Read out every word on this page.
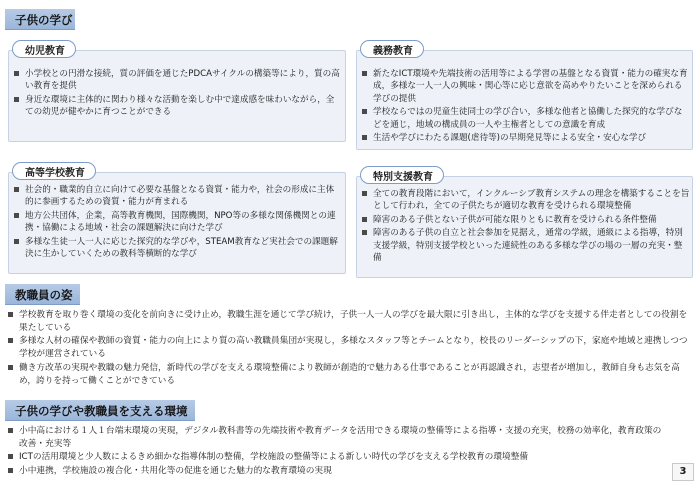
子供の学び
幼児教育
小学校との円滑な接続，質の評価を通じたPDCAサイクルの構築等により，質の高い教育を提供
身近な環境に主体的に関わり様々な活動を楽しむ中で達成感を味わいながら，全ての幼児が健やかに育つことができる
義務教育
新たなICT環境や先端技術の活用等による学習の基盤となる資質・能力の確実な育成，多様な一人一人の興味・関心等に応じ意欲を高めやりたいことを深められる学びの提供
学校ならではの児童生徒同士の学び合い，多様な他者と協働した探究的な学びなどを通じ，地域の構成員の一人や主権者としての意識を育成
生活や学びにわたる課題(虐待等)の早期発見等による安全・安心な学び
高等学校教育
社会的・職業的自立に向けて必要な基盤となる資質・能力や，社会の形成に主体的に参画するための資質・能力が育まれる
地方公共団体，企業，高等教育機関，国際機関，NPO等の多様な関係機関との連携・協働による地域・社会の課題解決に向けた学び
多様な生徒一人一人に応じた探究的な学びや，STEAM教育など実社会での課題解決に生かしていくための教科等横断的な学び
特別支援教育
全ての教育段階において，インクルーシブ教育システムの理念を構築することを旨として行われ，全ての子供たちが適切な教育を受けられる環境整備
障害のある子供とない子供が可能な限りともに教育を受けられる条件整備
障害のある子供の自立と社会参加を見据え，通常の学級，通級による指導，特別支援学級，特別支援学校といった連続性のある多様な学びの場の一層の充実・整備
教職員の姿
学校教育を取り巻く環境の変化を前向きに受け止め，教職生涯を通じて学び続け，子供一人一人の学びを最大限に引き出し，主体的な学びを支援する伴走者としての役割を果たしている
多様な人材の確保や教師の資質・能力の向上により質の高い教職員集団が実現し，多様なスタッフ等とチームとなり，校長のリーダーシップの下，家庭や地域と連携しつつ学校が運営されている
働き方改革の実現や教職の魅力発信，新時代の学びを支える環境整備により教師が創造的で魅力ある仕事であることが再認識され，志望者が増加し，教師自身も志気を高め，誇りを持って働くことができている
子供の学びや教職員を支える環境
小中高における１人１台端末環境の実現，デジタル教科書等の先端技術や教育データを活用できる環境の整備等による指導・支援の充実，校務の効率化，教育政策の改善・充実等
ICTの活用環境と少人数によるきめ細かな指導体制の整備，学校施設の整備等による新しい時代の学びを支える学校教育の環境整備
小中連携，学校施設の複合化・共用化等の促進を通じた魅力的な教育環境の実現	3
